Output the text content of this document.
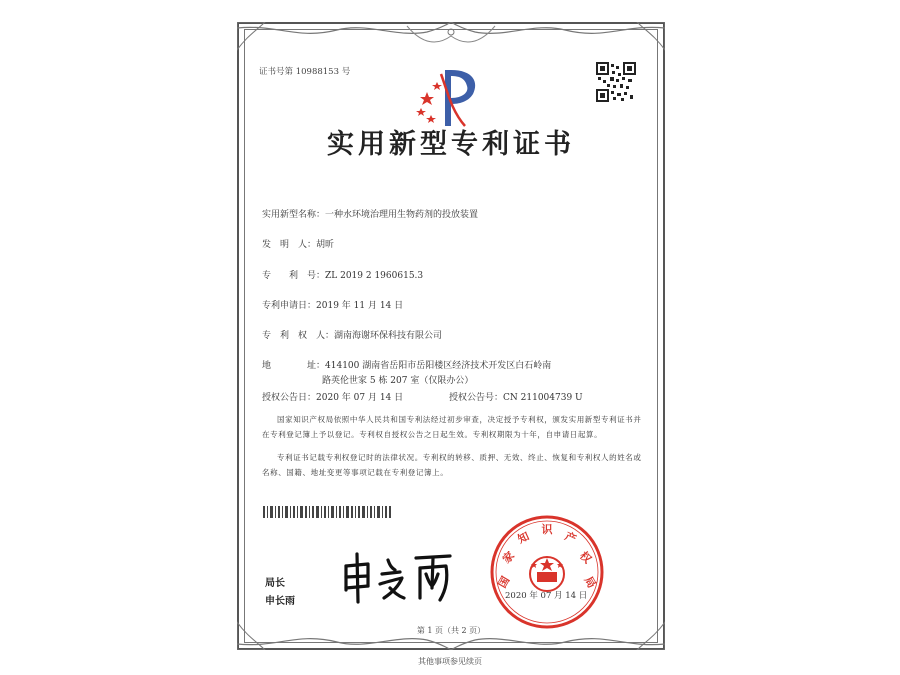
证书号第 10988153 号
实用新型专利证书
实用新型名称：一种水环境治理用生物药剂的投放装置
发　明　人：胡昕
专　　利　号：ZL 2019 2 1960615.3
专利申请日：2019 年 11 月 14 日
专　利　权　人：湖南海谢环保科技有限公司
地　　　　址：414100 湖南省岳阳市岳阳楼区经济技术开发区白石岭南
路英伦世家 5 栋 207 室（仅限办公）
授权公告日：2020 年 07 月 14 日	授权公告号：CN 211004739 U
国家知识产权局依照中华人民共和国专利法经过初步审查，决定授予专利权，颁发实用新型专利证书并在专利登记簿上予以登记。专利权自授权公告之日起生效。专利权期限为十年，自申请日起算。
专利证书记载专利权登记时的法律状况。专利权的转移、质押、无效、终止、恢复和专利权人的姓名或名称、国籍、地址变更等事项记载在专利登记簿上。
局长
申长雨
国
家
知
识
产
权
局
2020 年 07 月 14 日
第 1 页（共 2 页）
其他事项参见续页
